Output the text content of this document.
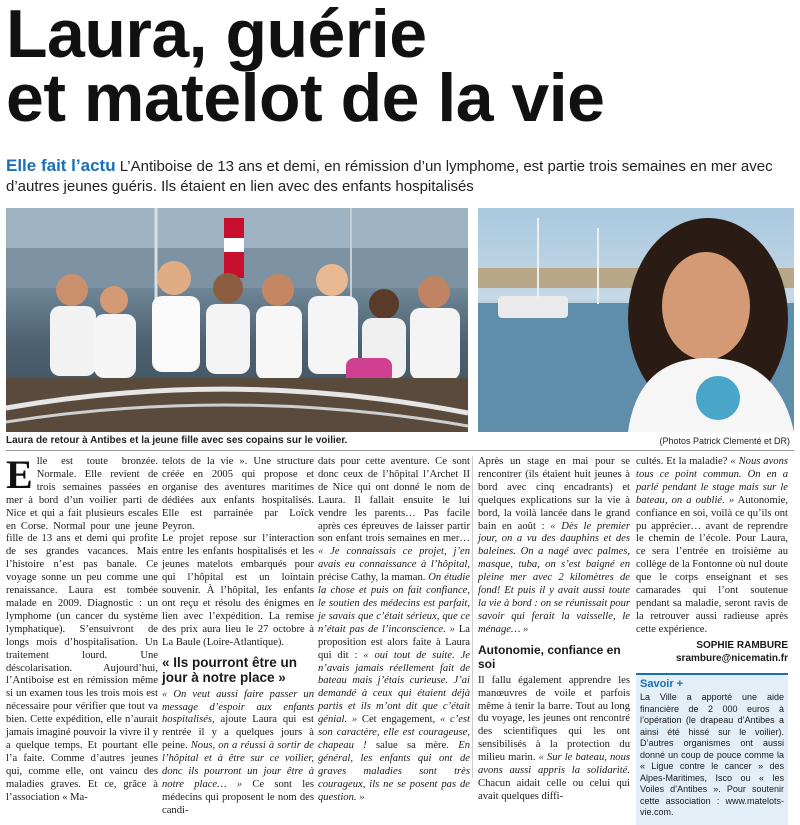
Laura, guérie
et matelot de la vie
Elle fait l’actu L’Antiboise de 13 ans et demi, en rémission d’un lymphome, est partie trois semaines en mer avec d’autres jeunes guéris. Ils étaient en lien avec des enfants hospitalisés
Laura de retour à Antibes et la jeune fille avec ses copains sur le voilier.	(Photos Patrick Clementé et DR)
E lle est toute bronzée. Normale. Elle revient de trois semaines passées en mer à bord d’un voilier parti de Nice et qui a fait plusieurs escales en Corse. Normal pour une jeune fille de 13 ans et demi qui profite de ses grandes vacances. Mais l’histoire n’est pas banale. Ce voyage sonne un peu comme une renaissance. Laura est tombée malade en 2009. Diagnostic : un lymphome (un cancer du système lymphatique). S’ensuivront de longs mois d’hospitalisation. Un traitement lourd. Une déscolarisation. Aujourd’hui, l’Antiboise est en rémission même si un examen tous les trois mois est nécessaire pour vérifier que tout va bien. Cette expédition, elle n’aurait jamais imaginé pouvoir la vivre il y a quelque temps. Et pourtant elle l’a faite. Comme d’autres jeunes qui, comme elle, ont vaincu des maladies graves. Et ce, grâce à l’association « Ma-

telots de la vie ». Une structure créée en 2005 qui propose et organise des aventures maritimes dédiées aux enfants hospitalisés. Elle est parrainée par Loïck Peyron.

Le projet repose sur l’interaction entre les enfants hospitalisés et les jeunes matelots embarqués pour qui l’hôpital est un lointain souvenir. À l’hôpital, les enfants ont reçu et résolu des énigmes en lien avec l’expédition. La remise des prix aura lieu le 27 octobre à La Baule (Loire-Atlantique).

« Ils pourront être un jour à notre place »

« On veut aussi faire passer un message d’espoir aux enfants hospitalisés, ajoute Laura qui est rentrée il y a quelques jours à peine. Nous, on a réussi à sortir de l’hôpital et à être sur ce voilier, donc ils pourront un jour être à notre place… » Ce sont les médecins qui proposent le nom des candi-

dats pour cette aventure. Ce sont donc ceux de l’hôpital l’Archet II de Nice qui ont donné le nom de Laura. Il fallait ensuite le lui vendre les parents… Pas facile après ces épreuves de laisser partir son enfant trois semaines en mer… « Je connaissais ce projet, j’en avais eu connaissance à l’hôpital, précise Cathy, la maman. On étudie la chose et puis on fait confiance, le soutien des médecins est parfait, je savais que c’était sérieux, que ce n’était pas de l’inconscience. » La proposition est alors faite à Laura qui dit : « oui tout de suite. Je n’avais jamais réellement fait de bateau mais j’étais curieuse. J’ai demandé à ceux qui étaient déjà partis et ils m’ont dit que c’était génial. » Cet engagement, « c’est son caractère, elle est courageuse, chapeau ! salue sa mère. En général, les enfants qui ont de graves maladies sont très courageux, ils ne se posent pas de question. »

Après un stage en mai pour se rencontrer (ils étaient huit jeunes à bord avec cinq encadrants) et quelques explications sur la vie à bord, la voilà lancée dans le grand bain en août : « Dès le premier jour, on a vu des dauphins et des baleines. On a nagé avec palmes, masque, tuba, on s’est baigné en pleine mer avec 2 kilomètres de fond! Et puis il y avait aussi toute la vie à bord : on se réunissait pour savoir qui ferait la vaisselle, le ménage… »

Autonomie, confiance en soi

Il fallu également apprendre les manœuvres de voile et parfois même à tenir la barre. Tout au long du voyage, les jeunes ont rencontré des scientifiques qui les ont sensibilisés à la protection du milieu marin. « Sur le bateau, nous avons aussi appris la solidarité. Chacun aidait celle ou celui qui avait quelques diffi-

cultés. Et la maladie? « Nous avons tous ce point commun. On en a parlé pendant le stage mais sur le bateau, on a oublié. » Autonomie, confiance en soi, voilà ce qu’ils ont pu apprécier… avant de reprendre le chemin de l’école. Pour Laura, ce sera l’entrée en troisième au collège de la Fontonne où nul doute que le corps enseignant et ses camarades qui l’ont soutenue pendant sa maladie, seront ravis de la retrouver aussi radieuse après cette expérience.

SOPHIE RAMBURE
srambure@nicematin.fr
Savoir +
La Ville a apporté une aide financière de 2 000 euros à l’opération (le drapeau d’Antibes a ainsi été hissé sur le voilier). D’autres organismes ont aussi donné un coup de pouce comme la « Ligue contre le cancer » des Alpes-Maritimes, Isco ou « les Voiles d’Antibes ». Pour soutenir cette association : www.matelots-vie.com.
